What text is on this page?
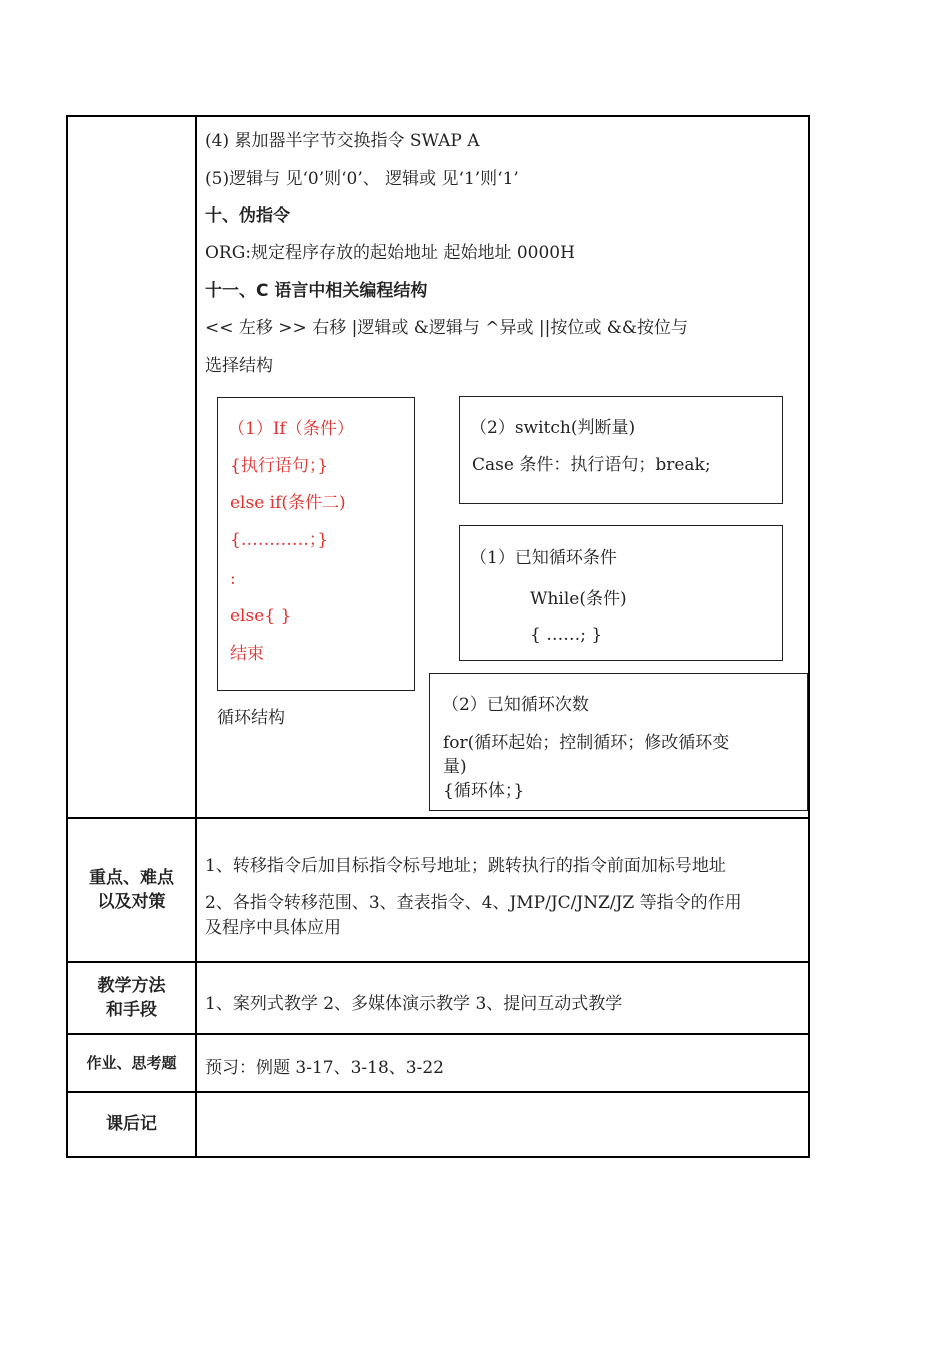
(4) 累加器半字节交换指令 SWAP A
(5)逻辑与 见‘0’则‘0’、 逻辑或 见‘1’则‘1’
十、伪指令
ORG:规定程序存放的起始地址 起始地址 0000H
十一、C 语言中相关编程结构
<< 左移 >> 右移 |逻辑或 &逻辑与 ^异或 ||按位或 &&按位与
选择结构
（1）If（条件）
{执行语句；}
else if(条件二)
{…………；}
:
else{ }
结束
（2）switch(判断量)
Case 条件：执行语句；break;
（1）已知循环条件
While(条件)
{ ……; }
循环结构
（2）已知循环次数
for(循环起始；控制循环；修改循环变
量)
{循环体；}
重点、难点
以及对策
1、转移指令后加目标指令标号地址；跳转执行的指令前面加标号地址
2、各指令转移范围、3、查表指令、4、JMP/JC/JNZ/JZ 等指令的作用
及程序中具体应用
教学方法
和手段	1、案列式教学 2、多媒体演示教学 3、提问互动式教学
作业、思考题	预习：例题 3-17、3-18、3-22
课后记
